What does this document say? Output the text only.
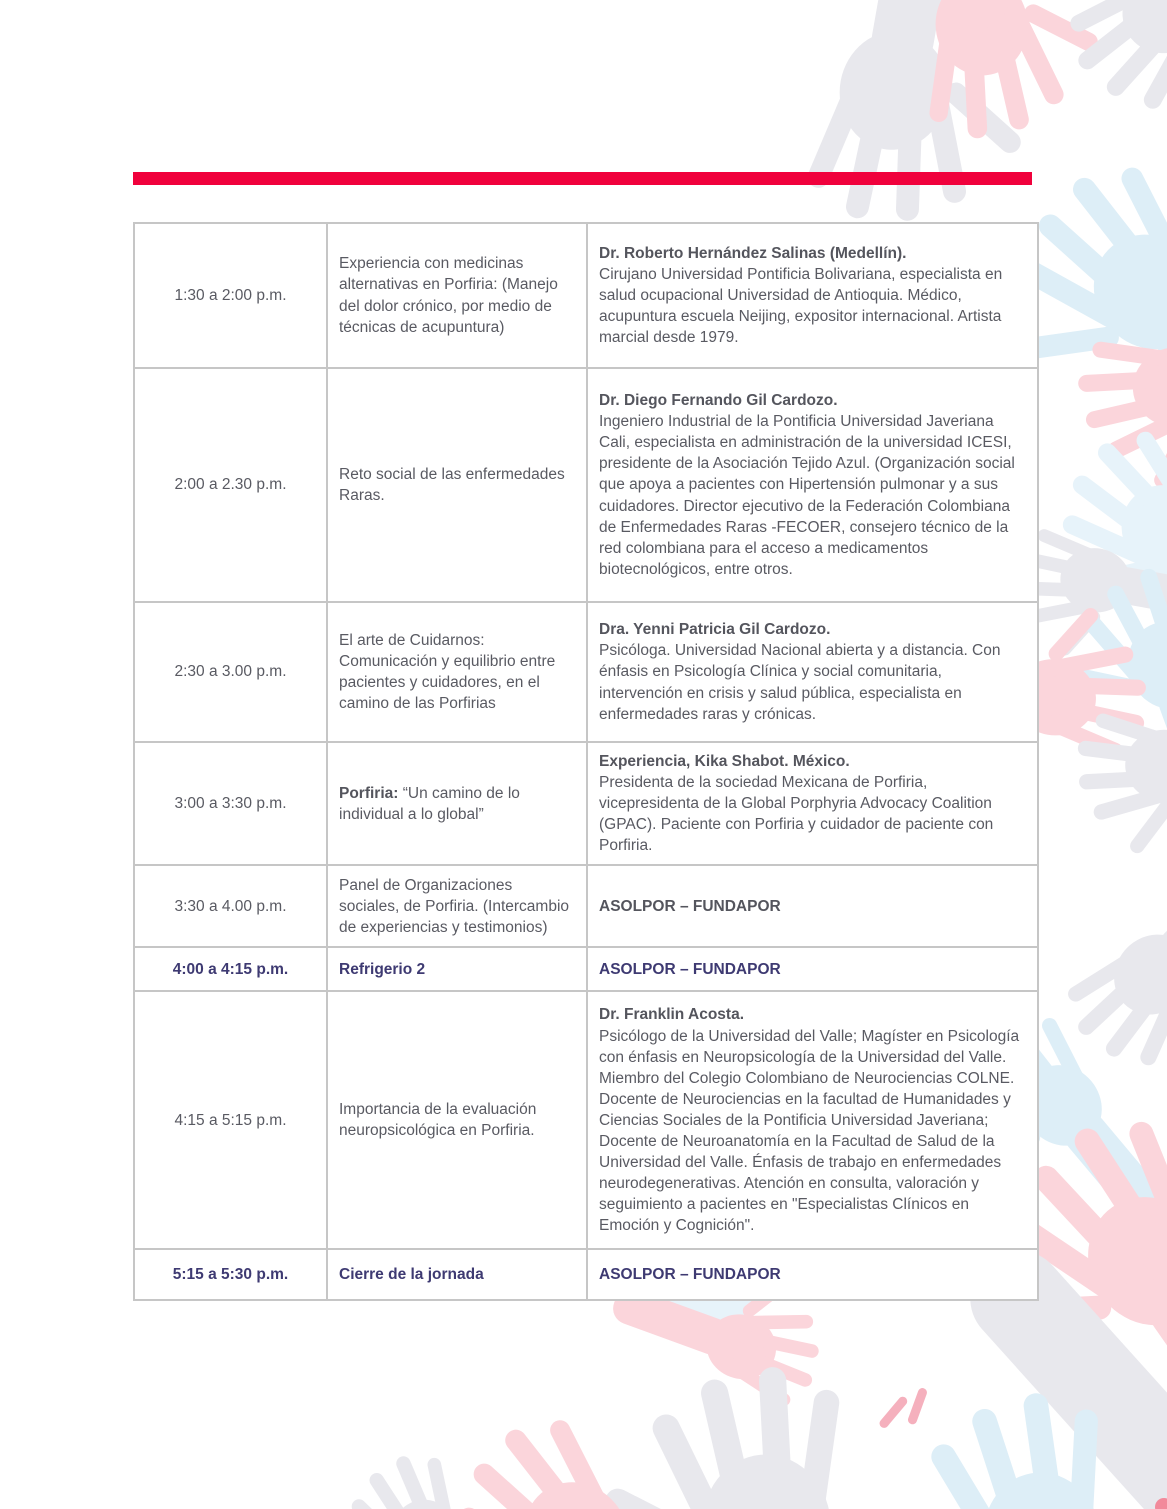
1:30 a 2:00 p.m.	Experiencia con medicinas alternativas en Porfiria: (Manejo del dolor crónico, por medio de técnicas de acupuntura)	Dr. Roberto Hernández Salinas (Medellín).
Cirujano Universidad Pontificia Bolivariana, especialista en salud ocupacional Universidad de Antioquia. Médico, acupuntura escuela Neijing, expositor internacional. Artista marcial desde 1979.
2:00 a 2.30 p.m.	Reto social de las enfermedades Raras.	Dr. Diego Fernando Gil Cardozo.
Ingeniero Industrial de la Pontificia Universidad Javeriana Cali, especialista en administración de la universidad ICESI, presidente de la Asociación Tejido Azul. (Organización social que apoya a pacientes con Hipertensión pulmonar y a sus cuidadores. Director ejecutivo de la Federación Colombiana de Enfermedades Raras -FECOER, consejero técnico de la red colombiana para el acceso a medicamentos biotecnológicos, entre otros.
2:30 a 3.00 p.m.	El arte de Cuidarnos: Comunicación y equilibrio entre pacientes y cuidadores, en el camino de las Porfirias	Dra. Yenni Patricia Gil Cardozo.
Psicóloga. Universidad Nacional abierta y a distancia. Con énfasis en Psicología Clínica y social comunitaria, intervención en crisis y salud pública, especialista en enfermedades raras y crónicas.
3:00 a 3:30 p.m.	Porfiria: “Un camino de lo individual a lo global”	Experiencia, Kika Shabot. México.
Presidenta de la sociedad Mexicana de Porfiria, vicepresidenta de la Global Porphyria Advocacy Coalition (GPAC). Paciente con Porfiria y cuidador de paciente con Porfiria.
3:30 a 4.00 p.m.	Panel de Organizaciones sociales, de Porfiria. (Intercambio de experiencias y testimonios)	ASOLPOR – FUNDAPOR

4:00 a 4:15 p.m.	Refrigerio 2	ASOLPOR – FUNDAPOR

4:15 a 5:15 p.m.	Importancia de la evaluación neuropsicológica en Porfiria.	Dr. Franklin Acosta.
Psicólogo de la Universidad del Valle; Magíster en Psicología con énfasis en Neuropsicología de la Universidad del Valle. Miembro del Colegio Colombiano de Neurociencias COLNE. Docente de Neurociencias en la facultad de Humanidades y Ciencias Sociales de la Pontificia Universidad Javeriana; Docente de Neuroanatomía en la Facultad de Salud de la Universidad del Valle. Énfasis de trabajo en enfermedades neurodegenerativas. Atención en consulta, valoración y seguimiento a pacientes en "Especialistas Clínicos en Emoción y Cognición".
5:15 a 5:30 p.m.	Cierre de la jornada	ASOLPOR – FUNDAPOR
